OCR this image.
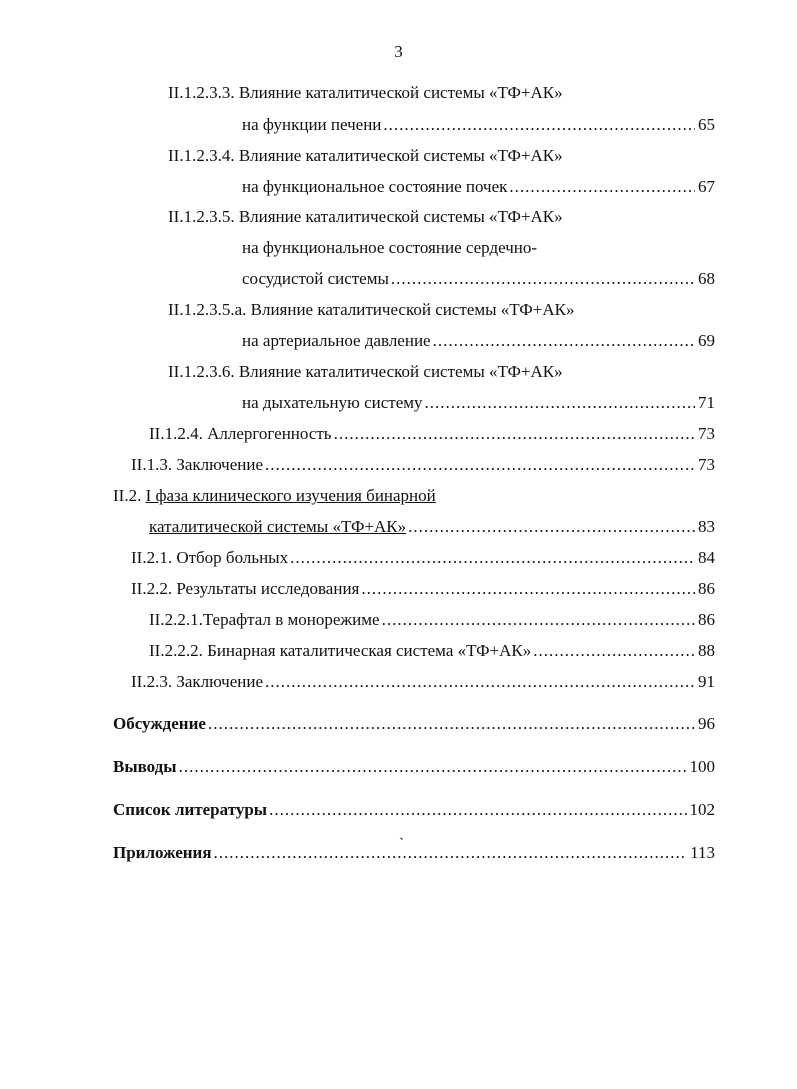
3
II.1.2.3.3. Влияние каталитической системы «ТФ+АК»
на функции печени .....	65
II.1.2.3.4. Влияние каталитической системы «ТФ+АК»
на функциональное состояние почек .....	67
II.1.2.3.5. Влияние каталитической системы «ТФ+АК»
на функциональное состояние сердечно-
сосудистой системы .....	68
II.1.2.3.5.а. Влияние каталитической системы «ТФ+АК»
на артериальное давление .....	69
II.1.2.3.6. Влияние каталитической системы «ТФ+АК»
на дыхательную систему .....	71
II.1.2.4. Аллергогенность .....	73
II.1.3. Заключение .....	73
II.2. I фаза клинического изучения бинарной
каталитической системы «ТФ+АК» .....	83
II.2.1. Отбор больных .....	84
II.2.2. Результаты исследования .....	86
II.2.2.1.Терафтал в монорежиме .....	86
II.2.2.2. Бинарная каталитическая система «ТФ+АК» .....	88
II.2.3. Заключение .....	91
Обсуждение .....	96
Выводы .....	100
Список литературы .....	102
Приложения .....	113
`
